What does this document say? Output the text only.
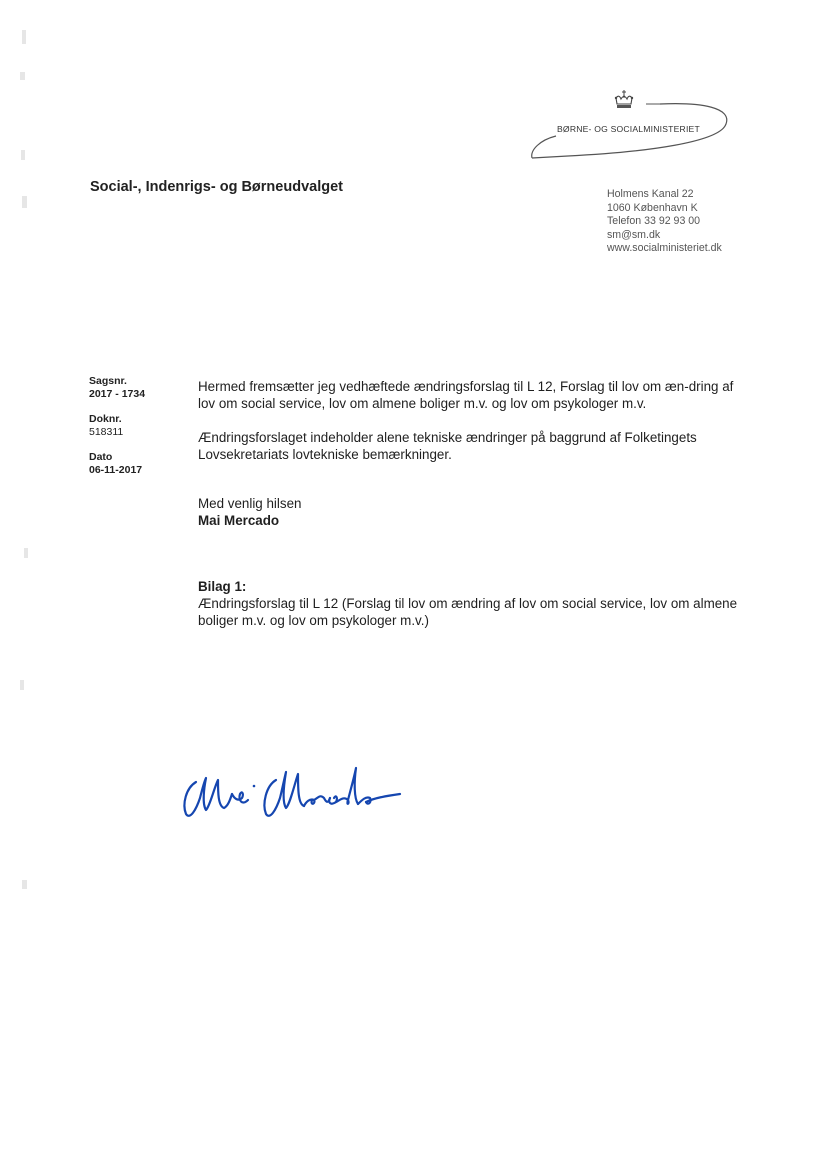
BØRNE- OG SOCIALMINISTERIET
Social-, Indenrigs- og Børneudvalget	Holmens Kanal 22
1060 København K
Telefon 33 92 93 00
sm@sm.dk
www.socialministeriet.dk
Sagsnr.
2017 - 1734
Doknr.
518311
Dato
06-11-2017
Hermed fremsætter jeg vedhæftede ændringsforslag til L 12, Forslag til lov om æn-dring af lov om social service, lov om almene boliger m.v. og lov om psykologer m.v.
Ændringsforslaget indeholder alene tekniske ændringer på baggrund af Folketingets Lovsekretariats lovtekniske bemærkninger.
Med venlig hilsen
Mai Mercado
Bilag 1:
Ændringsforslag til L 12 (Forslag til lov om ændring af lov om social service, lov om almene boliger m.v. og lov om psykologer m.v.)
